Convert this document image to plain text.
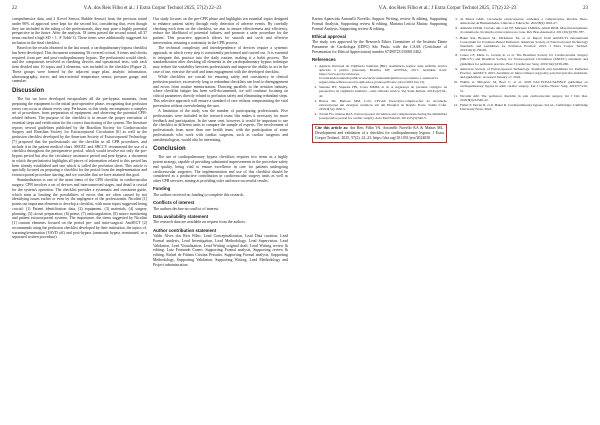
22	V.A. dos Reis Filho et al.: J Extra Corpor Technol 2025, 57(2) 22–23

comprehensive data, and 2 (Level Sensor, Bubble Sensor) from the previous round under 90% of approval were kept for the second list, considering that, even though they are included in the ruling of the professionals, they may pose a highly potential perspective in the future. After the analysis, 18 items passed the second round, all 37 items reached a high SD < 1. ® Table 3). These items were additionally suggested for inclusion in the final checklist.

Based on the results obtained in the last round, a cardiopulmonary bypass checklist has been developed. This document containing 56 covered critical, 8 items and checks required, from pre- and post-cardiopulmonary bypass. The perfusionist would check, and the components involved in checking devices and operational tests, with each item divided into 10 topics and 3 elements, was included in the checklist (Figure 2). These groups were formed by the adjacent stage plan, analytic information, ultrasonography, tracer, and intra-arterial temperature sensor, pressure gauge, and cannulae.

Discussion

The list we have developed encapsulates all the pre-bypass moments, from preparing the equipment to the initial post-operative phase, recognizing that perfusion errors can occur at almost every step. Perfusion, in this study, encompasses a complex set of procedures, from preparation of equipment, and observing the potential CPB-related failures. The purpose of the checklist is to ensure the proper execution of essential steps and verification for the correct functioning of the system. The literature reports several guidelines published by the Brazilian Society for Cardiovascular Surgery and Brazilian Society for Extracorporeal Circulation [6] as well as the perfusion checklist developed by the American Society of Extracorporeal Technology [7] proposed that the professionals use the checklist in all CPB procedures, and include it in the patient medical chart. SBCEC and SBCCV recommend the use of a checklist throughout the perioperative period, which would involve not only the pre-bypass period but also the circulatory assistance period and post-bypass; a document in which the perfusionist highlights all pieces of information related to this period has been already established and one which is called the perfusion sheet. This article is specially focused on preparing a checklist for the period from the implementation and extracorporeal procedure starting, and we consider that we have attained this goal.

Standardization is one of the main items of the CPB checklist in cardiovascular surgery. CPB involves a set of devices and interconnected stages, and detail is crucial for the system's operation. The checklist provides a systematic and consistent guide, which aims at limiting the possibilities of errors that are often caused by not identifying issues earlier or even by the negligence of the professionals. Nicolini [1] points out important elements to develop a checklist, with main topics suggested being crucial: (1) Patient identification data, (2) equipment, (3) materials, (4) surgery planning, (5) circuit preparation, (6) prime, (7) anticoagulation, (8) macro monitoring and patient extracorporeal systems. The importance, the items suggested by Nicolini [1] contain elements focused on the period pre- and intra-surgical. AmSECT [2] recommends using the perfusion checklist developed by their institution, the topics of: warming/termination (VAVD off) and post-bypass (ammonia bypass terminated, or a separated written procedure).

Our study focuses on the pre-CPB phase and highlights ten essential topics designed to enhance patient safety through early detection of adverse events. By carefully checking each item on the checklist, we aim to ensure effectiveness and efficiency, reduce the likelihood of potential failures, and promote a safer procedure for the patient. This proactive approach allows for smooth and swift and effective intervention, ensuring a continuity in the CPB process.

The technical complexity and interdependence of devices require a systemic approach, in which every step is consistently performed and carried out. It is essential to integrate this practice into the daily routine, making it a habit process. The standardization after checking all elements in the cardiopulmonary bypass technique may reduce the variability between professionals and improve the ability to act in the case of use, exercise the staff and team engagement with the developed checklist.

While checklists are crucial for ensuring safety and consistency in clinical perfusion practice, excessively long or redundant checklists can lead to disengagement and errors from routine memorization. Drawing parallels to the aviation industry, where checklist fatigue has been well-documented, we will continue focusing on critical parameters directly related to perfusion safety and eliminating redundant steps. This selective approach will ensure a standard of care without compromising the vital prevention without overwhelming the user.

A limitation of the study was the number of participating professionals. Five perfusionists were included in the research team; this makes it necessary for more feedback and participation. In the same cent, however, it would be important to use the checklist in different units to compare the sample of experts. The involvement of professionals from more than one health team, with the participation of some professionals who work with cardiac surgeons, such as cardiac surgeons and anesthesiologists, would also be interesting.

Conclusion

The use of cardiopulmonary bypass checklists requires two items as a highly potent strategy, capable of providing substantial improvements in the procedure safety and quality, being vital to ensure excellence in care for patients undergoing cardiovascular surgeries. The implementation and use of this checklist should be considered as a productive contribution in cardiovascular surgery units as well as other CPB services, aiming at providing safer and more successful results.

Funding

The authors received no funding to complete this research.

Conflicts of interest

The authors declare no conflict of interest.

Data availability statement

The research data are available on request from the authors.

Author contribution statement

Valdir Alves dos Reis Filho: Lead Conceptualization, Lead Data curation, Lead Formal analysis, Lead Investigation, Lead Methodology, Lead Supervision, Lead Validation, Lead Visualization, Lead Writing original draft, Lead Writing review & editing. Luiz Fernando Caneo: Supporting Formal analysis, Supporting review & editing. Rafael de Fátima Cristina Pessutto, Supporting Formal analysis, Supporting Methodology, Supporting Validation, Supporting Writing, Lead Methodology and Project administration.

V.A. dos Reis Filho et al.: J Extra Corpor Technol 2025, 57(2) 22–23	23

Karina Aparecida Antonelli Novello: Support Writing, review & editing, Supporting Formal Analysis, Supporting review & editing. Mariana Leticia Matias: Supporting Formal Analysis, Supporting review & editing.

Ethical approval

The study was approved by the Research Ethics Committee of the Instituto Dante Pazzanese de Cardiologia (IDPC) São Paulo, with the CAAE (Certificate of Presentation for Ethical Appreciation) number 67490723.9.0000.5462.

References
1. Agência Nacional de Vigilância Sanitária (BR). Assistência segura: uma reflexão teórica aplicada à prática [Internet]. Brasília, DF: ANVISA; 2017. Available from: https://www.gov.br/anvisa/pt-br/centraisdeconteudo/publicacoes/servicosdesaude/publicacoes/caderno-1-assistencia-segura-uma-reflexao-teorica-aplicada-a-pratica.pdf/view [cited 2023 Jun 12].
2. Santana HT, Siqueira HN, Costa MMM, et al. A segurança do paciente cirúrgico na perspectiva da vigilância sanitária – uma reflexão teórica. Vig Sanit Debate. 2014;2(2):34–42.
3. Barros SR, Barbosa MM, Lobo CFCAP. Prescrição-complicações da circulação extracorpórea em cirurgias cardíacas em um Hospital da Região Norte. Saúde Colet. 2019;9(51):1650-5.
4. Torrati FG, Dantas RAS. Extracorporeal circulation and complications during the immediate postoperative period for cardiac surgery. Acta Paul Enferm. 2012;25(3):340-5.
Cite this article as: dos Reis Filho VA, Antonelli Novello KA & Matias ML. Development and validation of a checklist for cardiopulmonary bypass. J Extra Corpor Technol. 2025, 57(2), 22–23. https://doi.org/10.1051/ject/2024030
5. de Matos GMC. Circulação extracorpórea: acidentes e complicações. Revista Ibero-Americana de Humanidades, Ciências e Educação. 2022;8(9):1816-27.
6. Almeida CEDD, Curvelo AR, Cari EF, Marques LMDSA, Abadi REM. Mau funcionamento do sistema de circulação extracorpórea no cone. Rev Bras Anestesiol. 2011;61(6):781-787.
7. Baker RA, Bronson SL, Dickinson TA, et al. Report from AmSECT's International Consortium for Evidence-Based Perfusion: American Society of Extracorporeal Technology Standards and Guidelines for Perfusion Practice: 2013. J Extra Corpor Technol. 2013;45(3):156-66.
8. Caneo LF, Matte G, Groom R, et al. The Brazilian Society for Cardiovascular Surgery (SBCCV) and Brazilian Society for Extracorporeal Circulation (SBCEC) standards and guidelines for perfusion practice. Braz J Cardiovasc Surg. 2019;34(2):239-260.
9. American Society of Extracorporeal Technology. Standards and Guidelines for Perfusion Practice. AmSECT. 2023. Available at: https://amsect.org/policy-practice/practice-standards-and-guidelines/. Accessed January 17, 2024.
10. Wahba A, Milojevic M, Boer C, et al. 2019 EACTS/EACTA/EBCP guidelines on cardiopulmonary bypass in adult cardiac surgery. Eur J Cardio-Thorac Surg. 2019;57:210-51.
11. Nicolini AM. The perfusion checklist in safe cardiovascular surgery. Int J Dev Res. 2019;8(3):22540-42.
12. Fisher F, Perrier R, et al. Baker R. Cardiopulmonary bypass, 3rd ed., Cambridge: Cambridge University Press; 2022.
